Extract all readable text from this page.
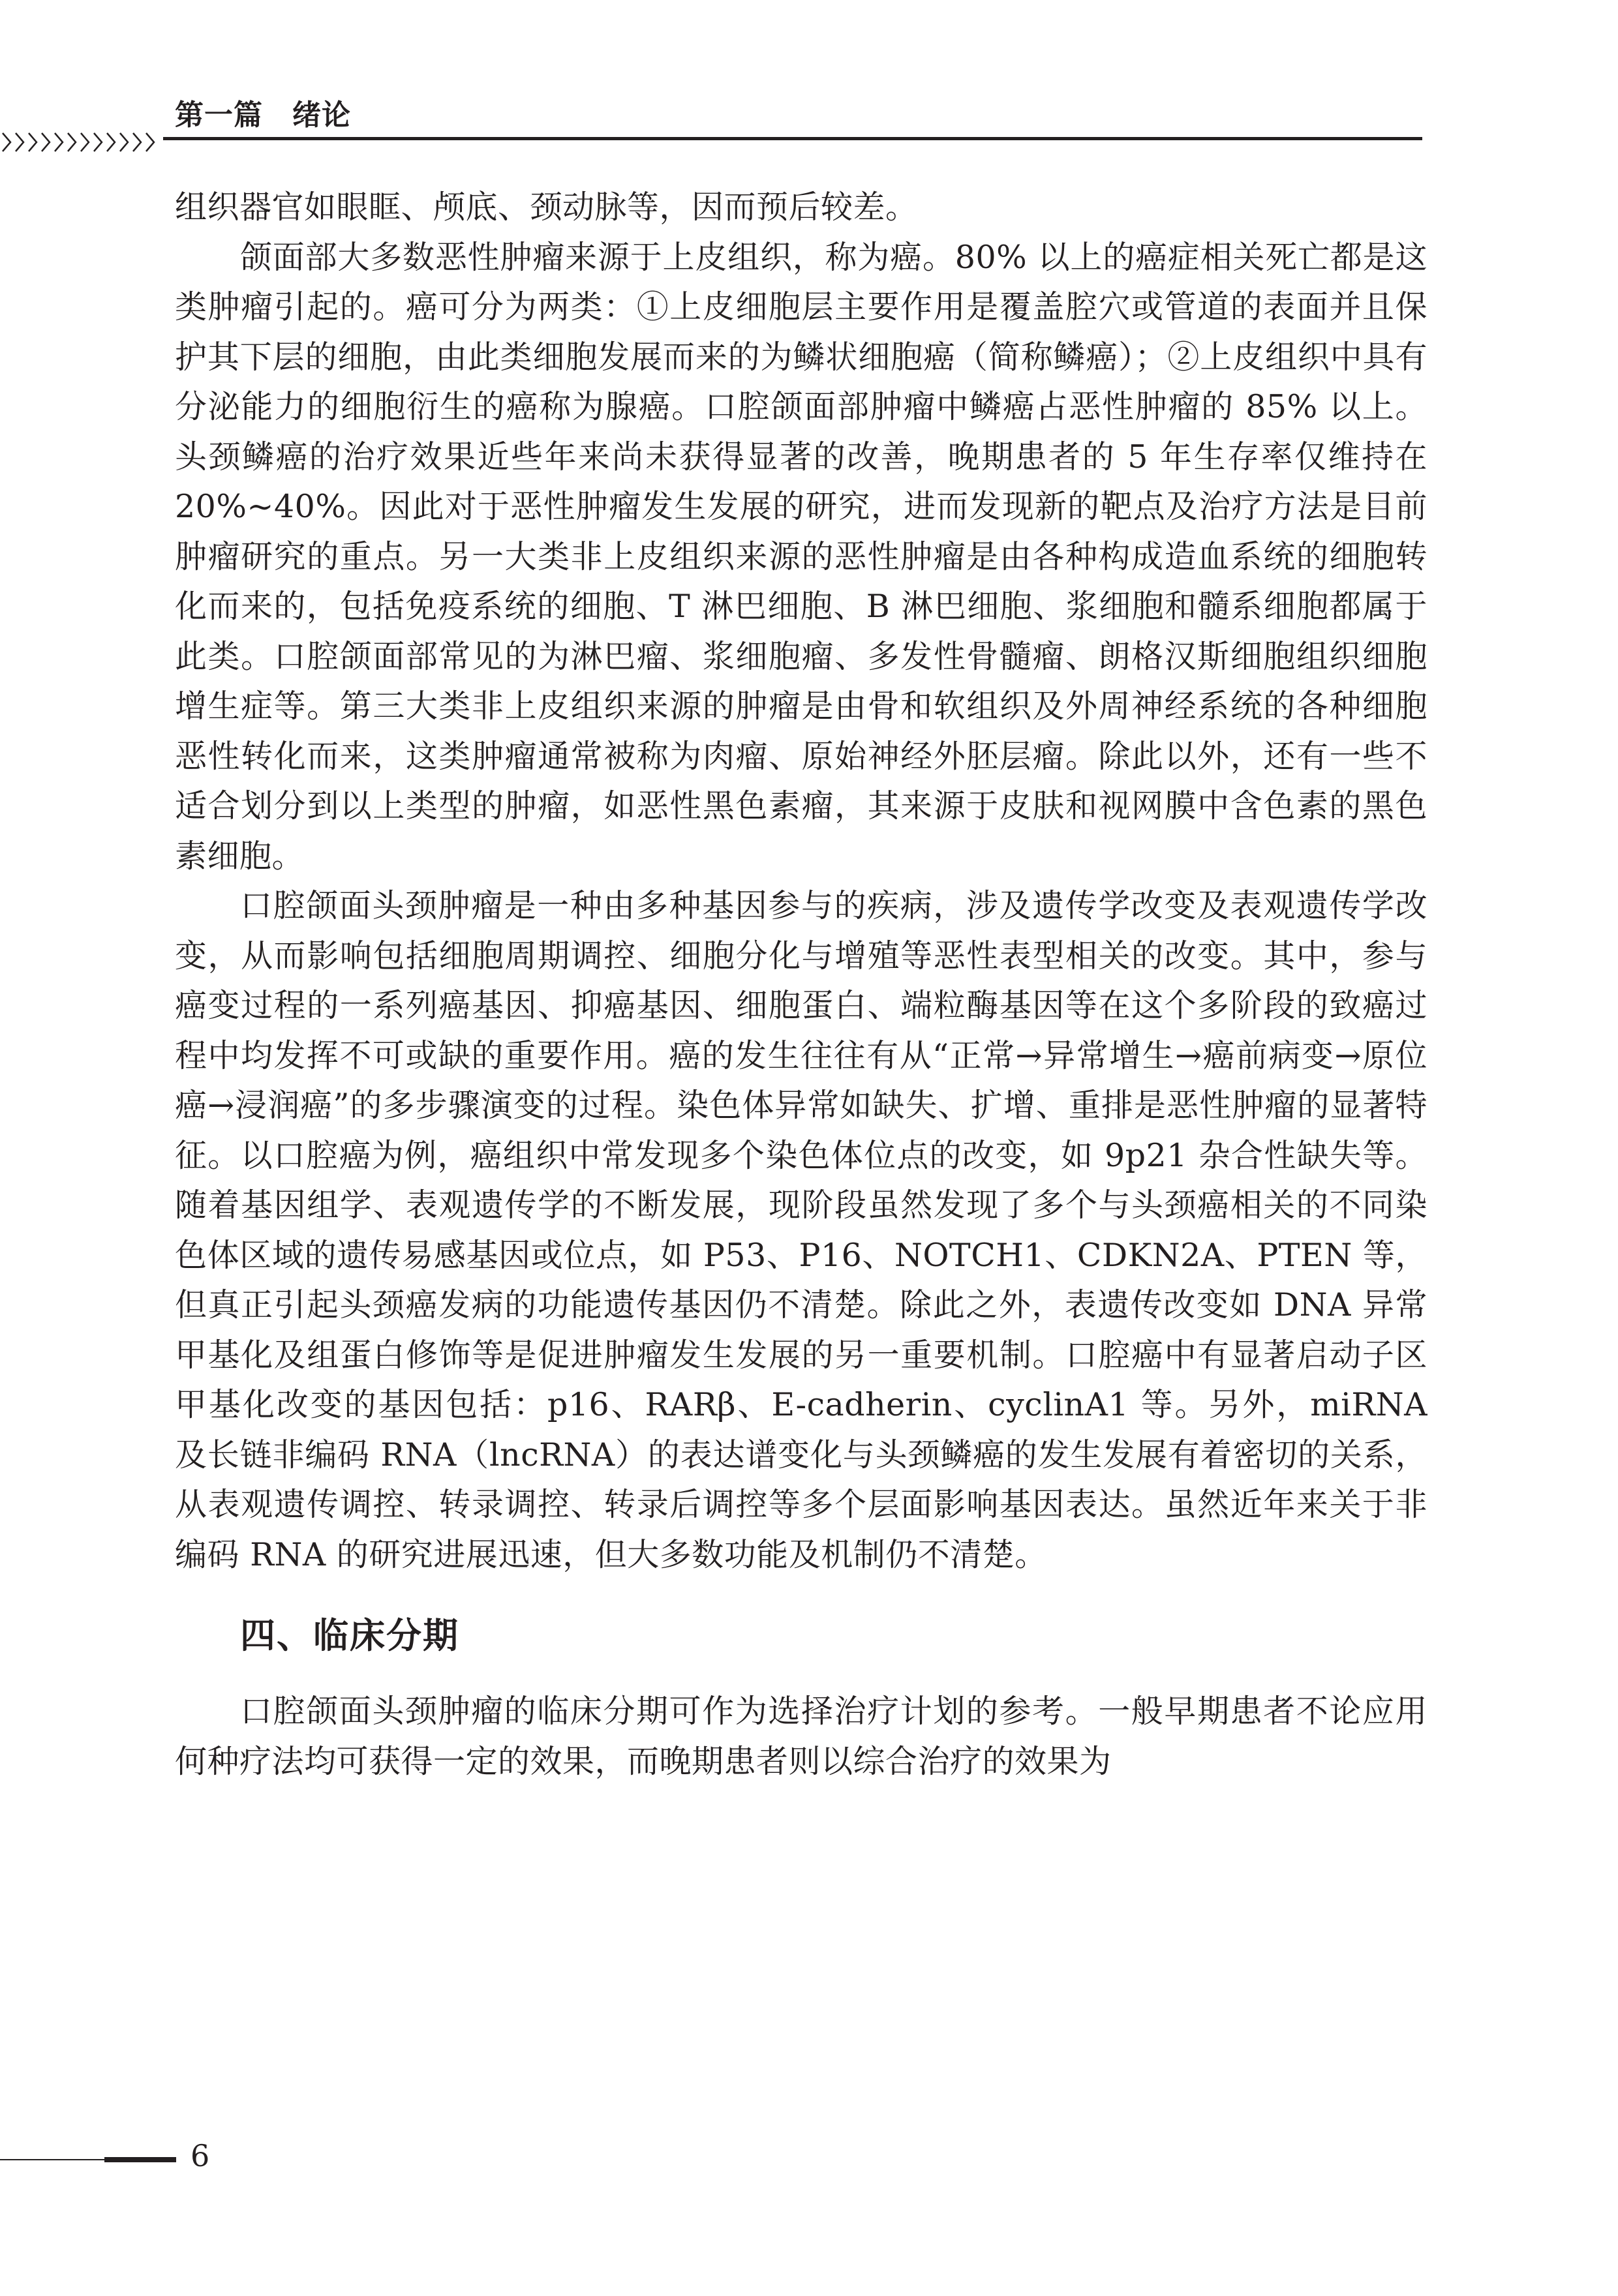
第一篇　绪论

组织器官如眼眶、颅底、颈动脉等，因而预后较差。

颌面部大多数恶性肿瘤来源于上皮组织，称为癌。80% 以上的癌症相关死亡都是这类肿瘤引起的。癌可分为两类：①上皮细胞层主要作用是覆盖腔穴或管道的表面并且保护其下层的细胞，由此类细胞发展而来的为鳞状细胞癌（简称鳞癌）；②上皮组织中具有分泌能力的细胞衍生的癌称为腺癌。口腔颌面部肿瘤中鳞癌占恶性肿瘤的 85% 以上。头颈鳞癌的治疗效果近些年来尚未获得显著的改善，晚期患者的 5 年生存率仅维持在 20%~40%。因此对于恶性肿瘤发生发展的研究，进而发现新的靶点及治疗方法是目前肿瘤研究的重点。另一大类非上皮组织来源的恶性肿瘤是由各种构成造血系统的细胞转化而来的，包括免疫系统的细胞、T 淋巴细胞、B 淋巴细胞、浆细胞和髓系细胞都属于此类。口腔颌面部常见的为淋巴瘤、浆细胞瘤、多发性骨髓瘤、朗格汉斯细胞组织细胞增生症等。第三大类非上皮组织来源的肿瘤是由骨和软组织及外周神经系统的各种细胞恶性转化而来，这类肿瘤通常被称为肉瘤、原始神经外胚层瘤。除此以外，还有一些不适合划分到以上类型的肿瘤，如恶性黑色素瘤，其来源于皮肤和视网膜中含色素的黑色素细胞。

口腔颌面头颈肿瘤是一种由多种基因参与的疾病，涉及遗传学改变及表观遗传学改变，从而影响包括细胞周期调控、细胞分化与增殖等恶性表型相关的改变。其中，参与癌变过程的一系列癌基因、抑癌基因、细胞蛋白、端粒酶基因等在这个多阶段的致癌过程中均发挥不可或缺的重要作用。癌的发生往往有从“正常→异常增生→癌前病变→原位癌→浸润癌”的多步骤演变的过程。染色体异常如缺失、扩增、重排是恶性肿瘤的显著特征。以口腔癌为例，癌组织中常发现多个染色体位点的改变，如 9p21 杂合性缺失等。随着基因组学、表观遗传学的不断发展，现阶段虽然发现了多个与头颈癌相关的不同染色体区域的遗传易感基因或位点，如 P53、P16、NOTCH1、CDKN2A、PTEN 等，但真正引起头颈癌发病的功能遗传基因仍不清楚。除此之外，表遗传改变如 DNA 异常甲基化及组蛋白修饰等是促进肿瘤发生发展的另一重要机制。口腔癌中有显著启动子区甲基化改变的基因包括：p16、RARβ、E-cadherin、cyclinA1 等。另外，miRNA 及长链非编码 RNA（lncRNA）的表达谱变化与头颈鳞癌的发生发展有着密切的关系，从表观遗传调控、转录调控、转录后调控等多个层面影响基因表达。虽然近年来关于非编码 RNA 的研究进展迅速，但大多数功能及机制仍不清楚。

四、临床分期

口腔颌面头颈肿瘤的临床分期可作为选择治疗计划的参考。一般早期患者不论应用何种疗法均可获得一定的效果，而晚期患者则以综合治疗的效果为

6
